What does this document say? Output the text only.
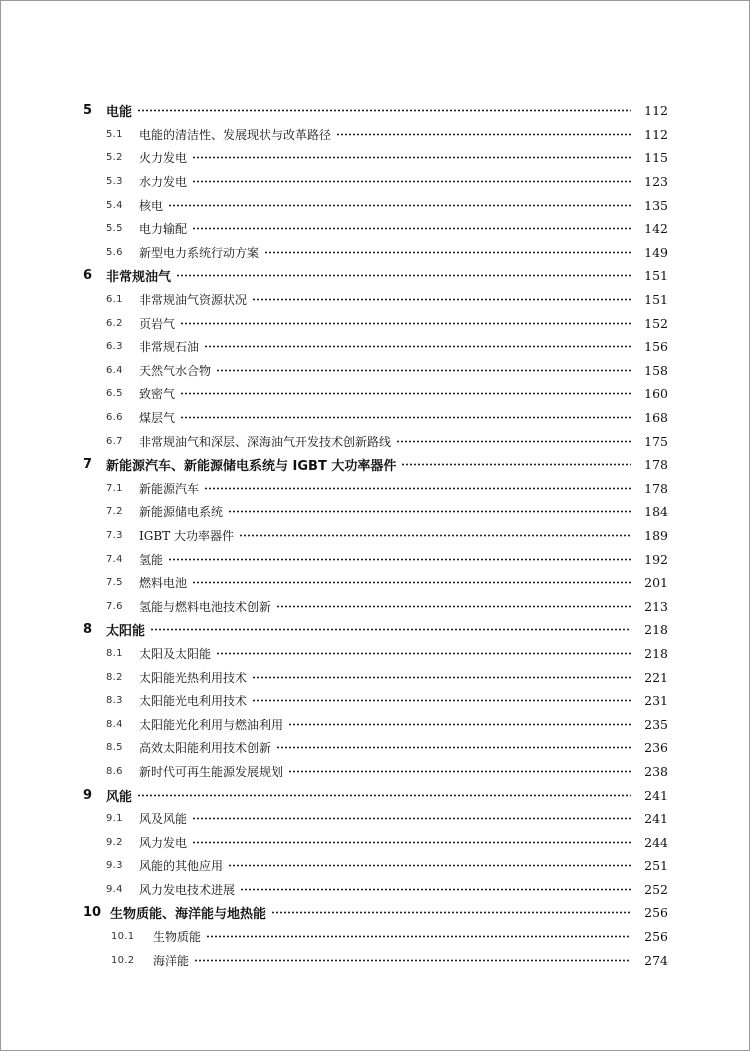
5	电能	112
5.1	电能的清洁性、发展现状与改革路径	112
5.2	火力发电	115
5.3	水力发电	123
5.4	核电	135
5.5	电力输配	142
5.6	新型电力系统行动方案	149
6	非常规油气	151
6.1	非常规油气资源状况	151
6.2	页岩气	152
6.3	非常规石油	156
6.4	天然气水合物	158
6.5	致密气	160
6.6	煤层气	168
6.7	非常规油气和深层、深海油气开发技术创新路线	175
7	新能源汽车、新能源储电系统与 IGBT 大功率器件	178
7.1	新能源汽车	178
7.2	新能源储电系统	184
7.3	IGBT 大功率器件	189
7.4	氢能	192
7.5	燃料电池	201
7.6	氢能与燃料电池技术创新	213
8	太阳能	218
8.1	太阳及太阳能	218
8.2	太阳能光热利用技术	221
8.3	太阳能光电利用技术	231
8.4	太阳能光化利用与燃油利用	235
8.5	高效太阳能利用技术创新	236
8.6	新时代可再生能源发展规划	238
9	风能	241
9.1	风及风能	241
9.2	风力发电	244
9.3	风能的其他应用	251
9.4	风力发电技术进展	252
10 生物质能、海洋能与地热能	256
10.1	生物质能	256
10.2	海洋能	274
